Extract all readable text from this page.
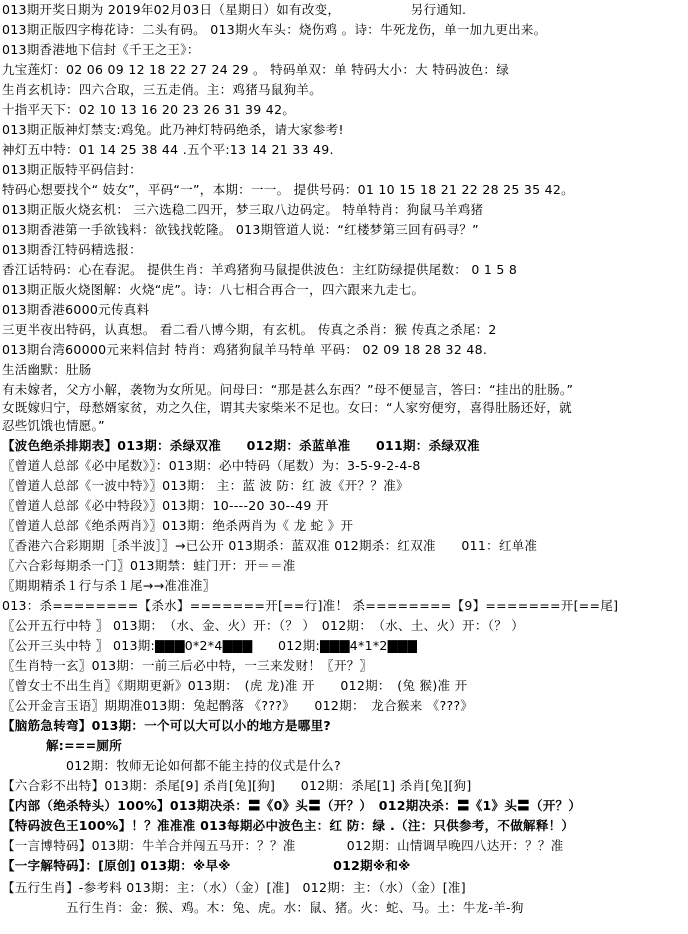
013期开奖日期为 2019年02月03日（星期日）如有改变，　　　　　　另行通知.
013期正版四字梅花诗：二头有码。 013期火车头：烧伤鸡 。诗：牛死龙伤，单一加九更出来。
013期香港地下信封《千王之王》：
九宝莲灯：02 06 09 12 18 22 27 24 29 。 特码单双：单 特码大小：大 特码波色：绿
生肖玄机诗：四六合取，三五走俏。主：鸡猪马鼠狗羊。
十指平天下：02 10 13 16 20 23 26 31 39 42。
013期正版神灯禁支:鸡兔。此乃神灯特码绝杀，请大家参考!
神灯五中特：01 14 25 38 44 .五个平:13 14 21 33 49.
013期正版特平码信封：
特码心想要找个“ 妓女”，平码“一”，本期：一一。 提供号码：01 10 15 18 21 22 28 25 35 42。
013期正版火烧玄机： 三六选稳二四开，梦三取八边码定。 特单特肖：狗鼠马羊鸡猪
013期香港第一手欲钱料：欲钱找乾隆。 013期管道人说：“红楼梦第三回有码寻？”
013期香江特码精选报：
香江话特码：心在春泥。 提供生肖：羊鸡猪狗马鼠提供波色：主红防绿提供尾数： 0 1 5 8
013期正版火烧图解：火烧“虎”。诗：八七相合再合一，四六跟来九走七。
013期香港6000元传真料
三更半夜出特码，认真想。 看二看八博今期，有玄机。 传真之杀肖：猴 传真之杀尾：2
013期台湾60000元来料信封 特肖：鸡猪狗鼠羊马特单 平码： 02 09 18 28 32 48.
生活幽默：肚肠
有未嫁者，父方小解，袭物为女所见。问母曰：“那是甚么东西？”母不便显言，答曰：“挂出的肚肠。”
女既嫁归宁，母愁婿家贫，劝之久住，谓其夫家柴米不足也。女曰：“人家穷便穷，喜得肚肠还好，就
忍些饥饿也情愿。”
【波色绝杀排期表】013期：杀绿双准　　012期：杀蓝单准　　011期：杀绿双准
〖曾道人总部《必中尾数》〗：013期：必中特码（尾数）为：3-5-9-2-4-8
〖曾道人总部《一波中特》〗013期： 主：蓝 波 防：红 波《开？？准》
〖曾道人总部《必中特段》〗013期：10----20 30--49 开
〖曾道人总部《绝杀两肖》〗013期：绝杀两肖为《 龙 蛇 》开
〖香港六合彩期期［杀半波］〗→已公开 013期杀：蓝双准 012期杀：红双准　　011：红单准
〖六合彩每期杀一门〗013期禁：蛙门开：开＝＝准
〖期期精杀１行与杀１尾→→准准准〗
013：杀========【杀水】=======开[==行]准！ 杀========【9】=======开[==尾]
〖公开五行中特 〗 013期：　（水、金、火）开：（？ ）　012期：　（水、土、火）开：（？ ）
〖公开三头中特 〗 013期:▇▇▇0*2*4▇▇▇　　012期:▇▇▇4*1*2▇▇▇
〖生肖特一玄〗013期：一前三后必中特，一三来发财！〖开？〗
〖曾女士不出生肖〗《期期更新》013期：　(虎 龙)准 开　　012期：　(兔 猴)准 开
〖公开金言玉语〗期期准013期：兔起鹘落 《???》　　012期：　龙合猴来 《???》
【脑筋急转弯】013期：一个可以大可以小的地方是哪里?
解:===厕所
012期：牧师无论如何都不能主持的仪式是什么?
【六合彩不出特】013期：杀尾[9] 杀肖[兔][狗]　　012期：杀尾[1] 杀肖[兔][狗]
【内部（绝杀特头）100%】013期决杀：〓《0》头〓（开？）　012期决杀：〓《1》头〓（开？）
【特码波色王100%】！？准准准 013每期必中波色主：红 防：绿 .（注：只供参考，不做解释！）
【一言博特码】013期：牛羊合并闯五马开：？？准　　　　012期：山情调早晚四八达开：？？准
【一字解特码】：[原创] 013期：※早※　　　　　　　　012期※和※
【五行生肖】-参考料 013期：主：（水）（金）[准]　012期：主：（水）（金）[准]
五行生肖：金：猴、鸡。木：兔、虎。水：鼠、猪。火：蛇、马。土：牛龙-羊-狗
